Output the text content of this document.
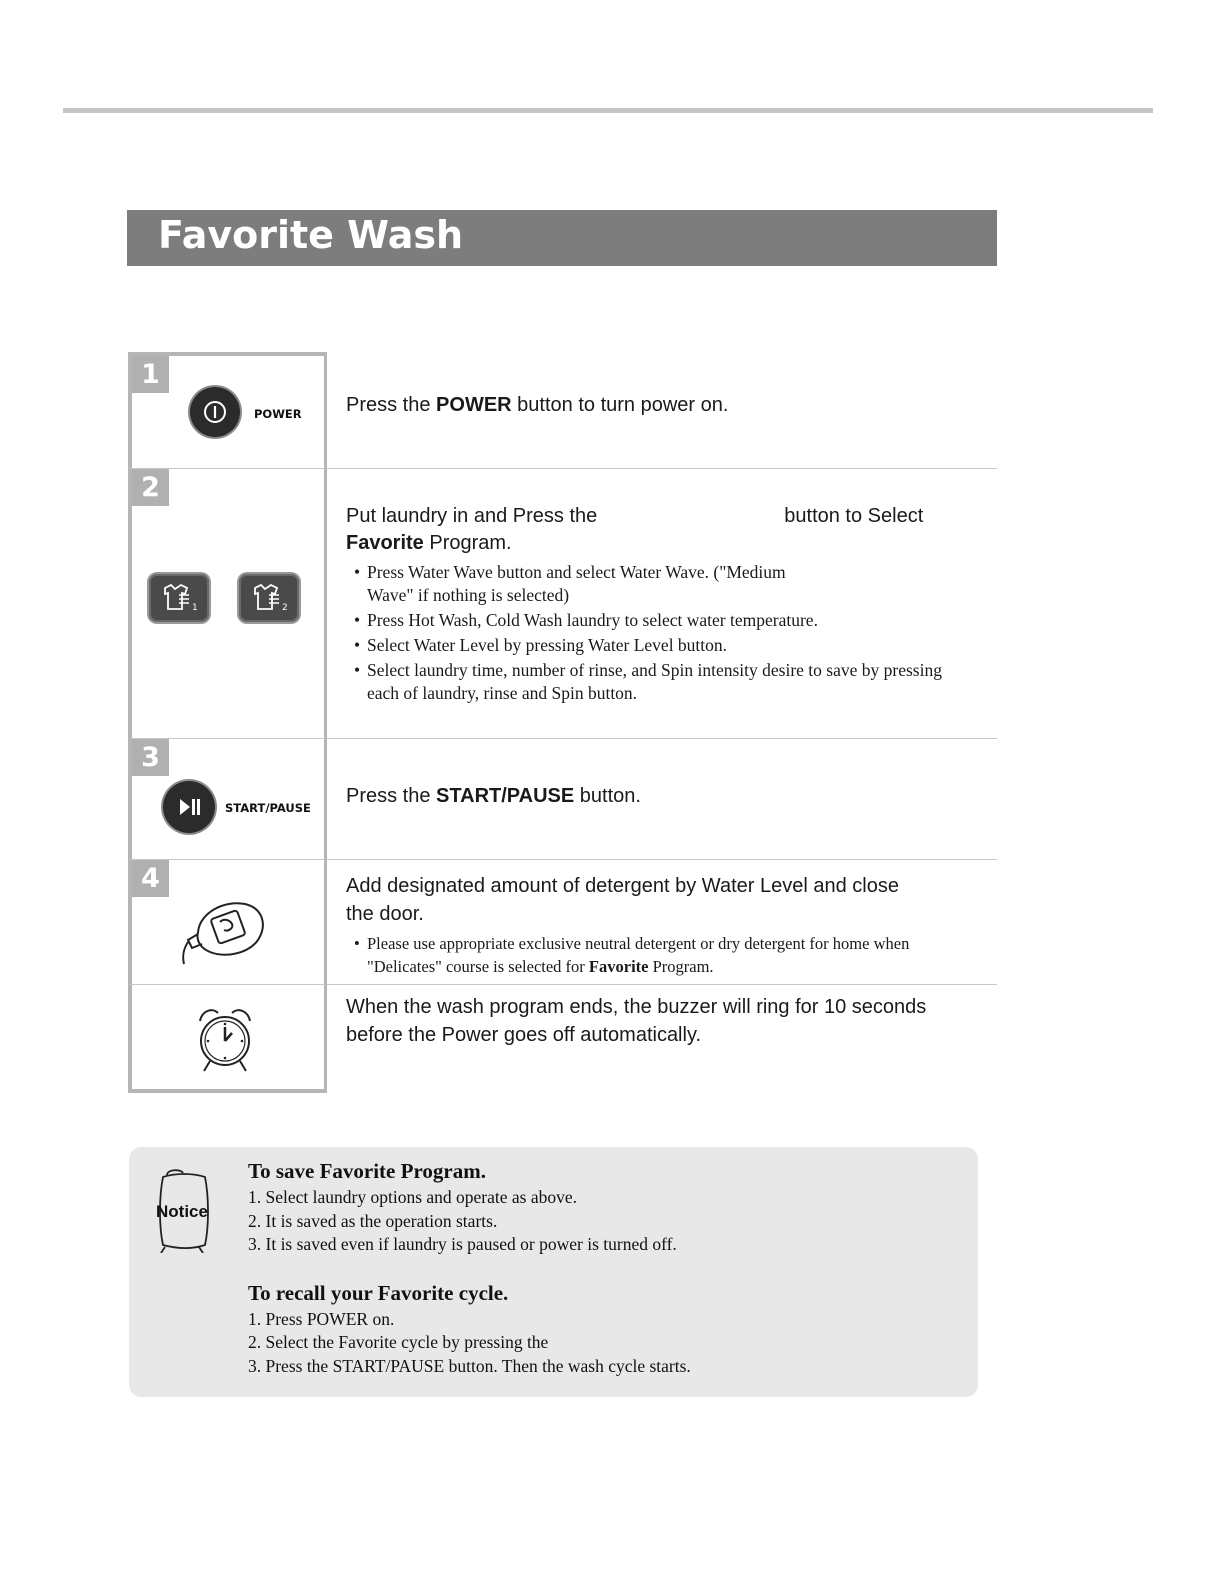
Favorite Wash
1
POWER Press the POWER button to turn power on.

2
1	2

Put laundry in and Press the	button to Select

Favorite Program.

• Press Water Wave button and select Water Wave. ("Medium Wave" if nothing is selected)
• Press Hot Wash, Cold Wash laundry to select water temperature.
• Select Water Level by pressing Water Level button.
• Select laundry time, number of rinse, and Spin intensity desire to save by pressing each of laundry, rinse and Spin button.
3
START/PAUSE

Press the START/PAUSE button.

4	Add designated amount of detergent by Water Level and close the door.

• Please use appropriate exclusive neutral detergent or dry detergent for home when "Delicates" course is selected for Favorite Program.

When the wash program ends, the buzzer will ring for 10 seconds before the Power goes off automatically.

Notice
To save Favorite Program.
1. Select laundry options and operate as above.
2. It is saved as the operation starts.
3. It is saved even if laundry is paused or power is turned off.
To recall your Favorite cycle.
1. Press POWER on.
2. Select the Favorite cycle by pressing the
3. Press the START/PAUSE button. Then the wash cycle starts.
